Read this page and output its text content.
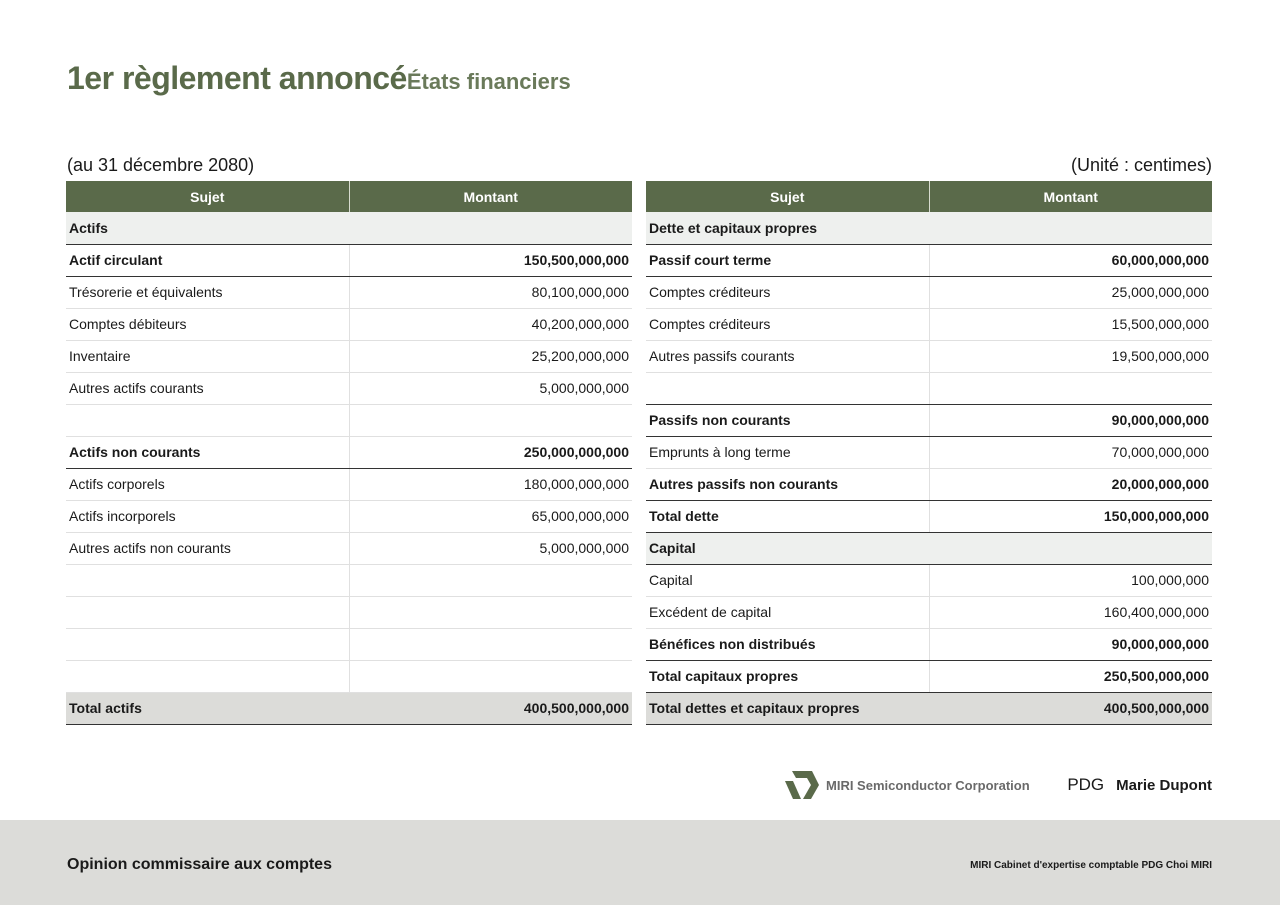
1er règlement annoncé États financiers
(au 31 décembre 2080)	(Unité : centimes)
Sujet	Montant
Actifs	
Actif circulant	150,500,000,000
Trésorerie et équivalents	80,100,000,000
Comptes débiteurs	40,200,000,000
Inventaire	25,200,000,000
Autres actifs courants	5,000,000,000

Actifs non courants	250,000,000,000
Actifs corporels	180,000,000,000
Actifs incorporels	65,000,000,000
Autres actifs non courants	5,000,000,000

Total actifs	400,500,000,000
Sujet	Montant
Dette et capitaux propres	
Passif court terme	60,000,000,000
Comptes créditeurs	25,000,000,000
Comptes créditeurs	15,500,000,000
Autres passifs courants	19,500,000,000

Passifs non courants	90,000,000,000
Emprunts à long terme	70,000,000,000
Autres passifs non courants	20,000,000,000
Total dette	150,000,000,000
Capital	
Capital	100,000,000
Excédent de capital	160,400,000,000
Bénéfices non distribués	90,000,000,000
Total capitaux propres	250,500,000,000
Total dettes et capitaux propres	400,500,000,000
MIRI Semiconductor Corporation PDG Marie Dupont
Opinion commissaire aux comptes	MIRI Cabinet d'expertise comptable PDG Choi MIRI
